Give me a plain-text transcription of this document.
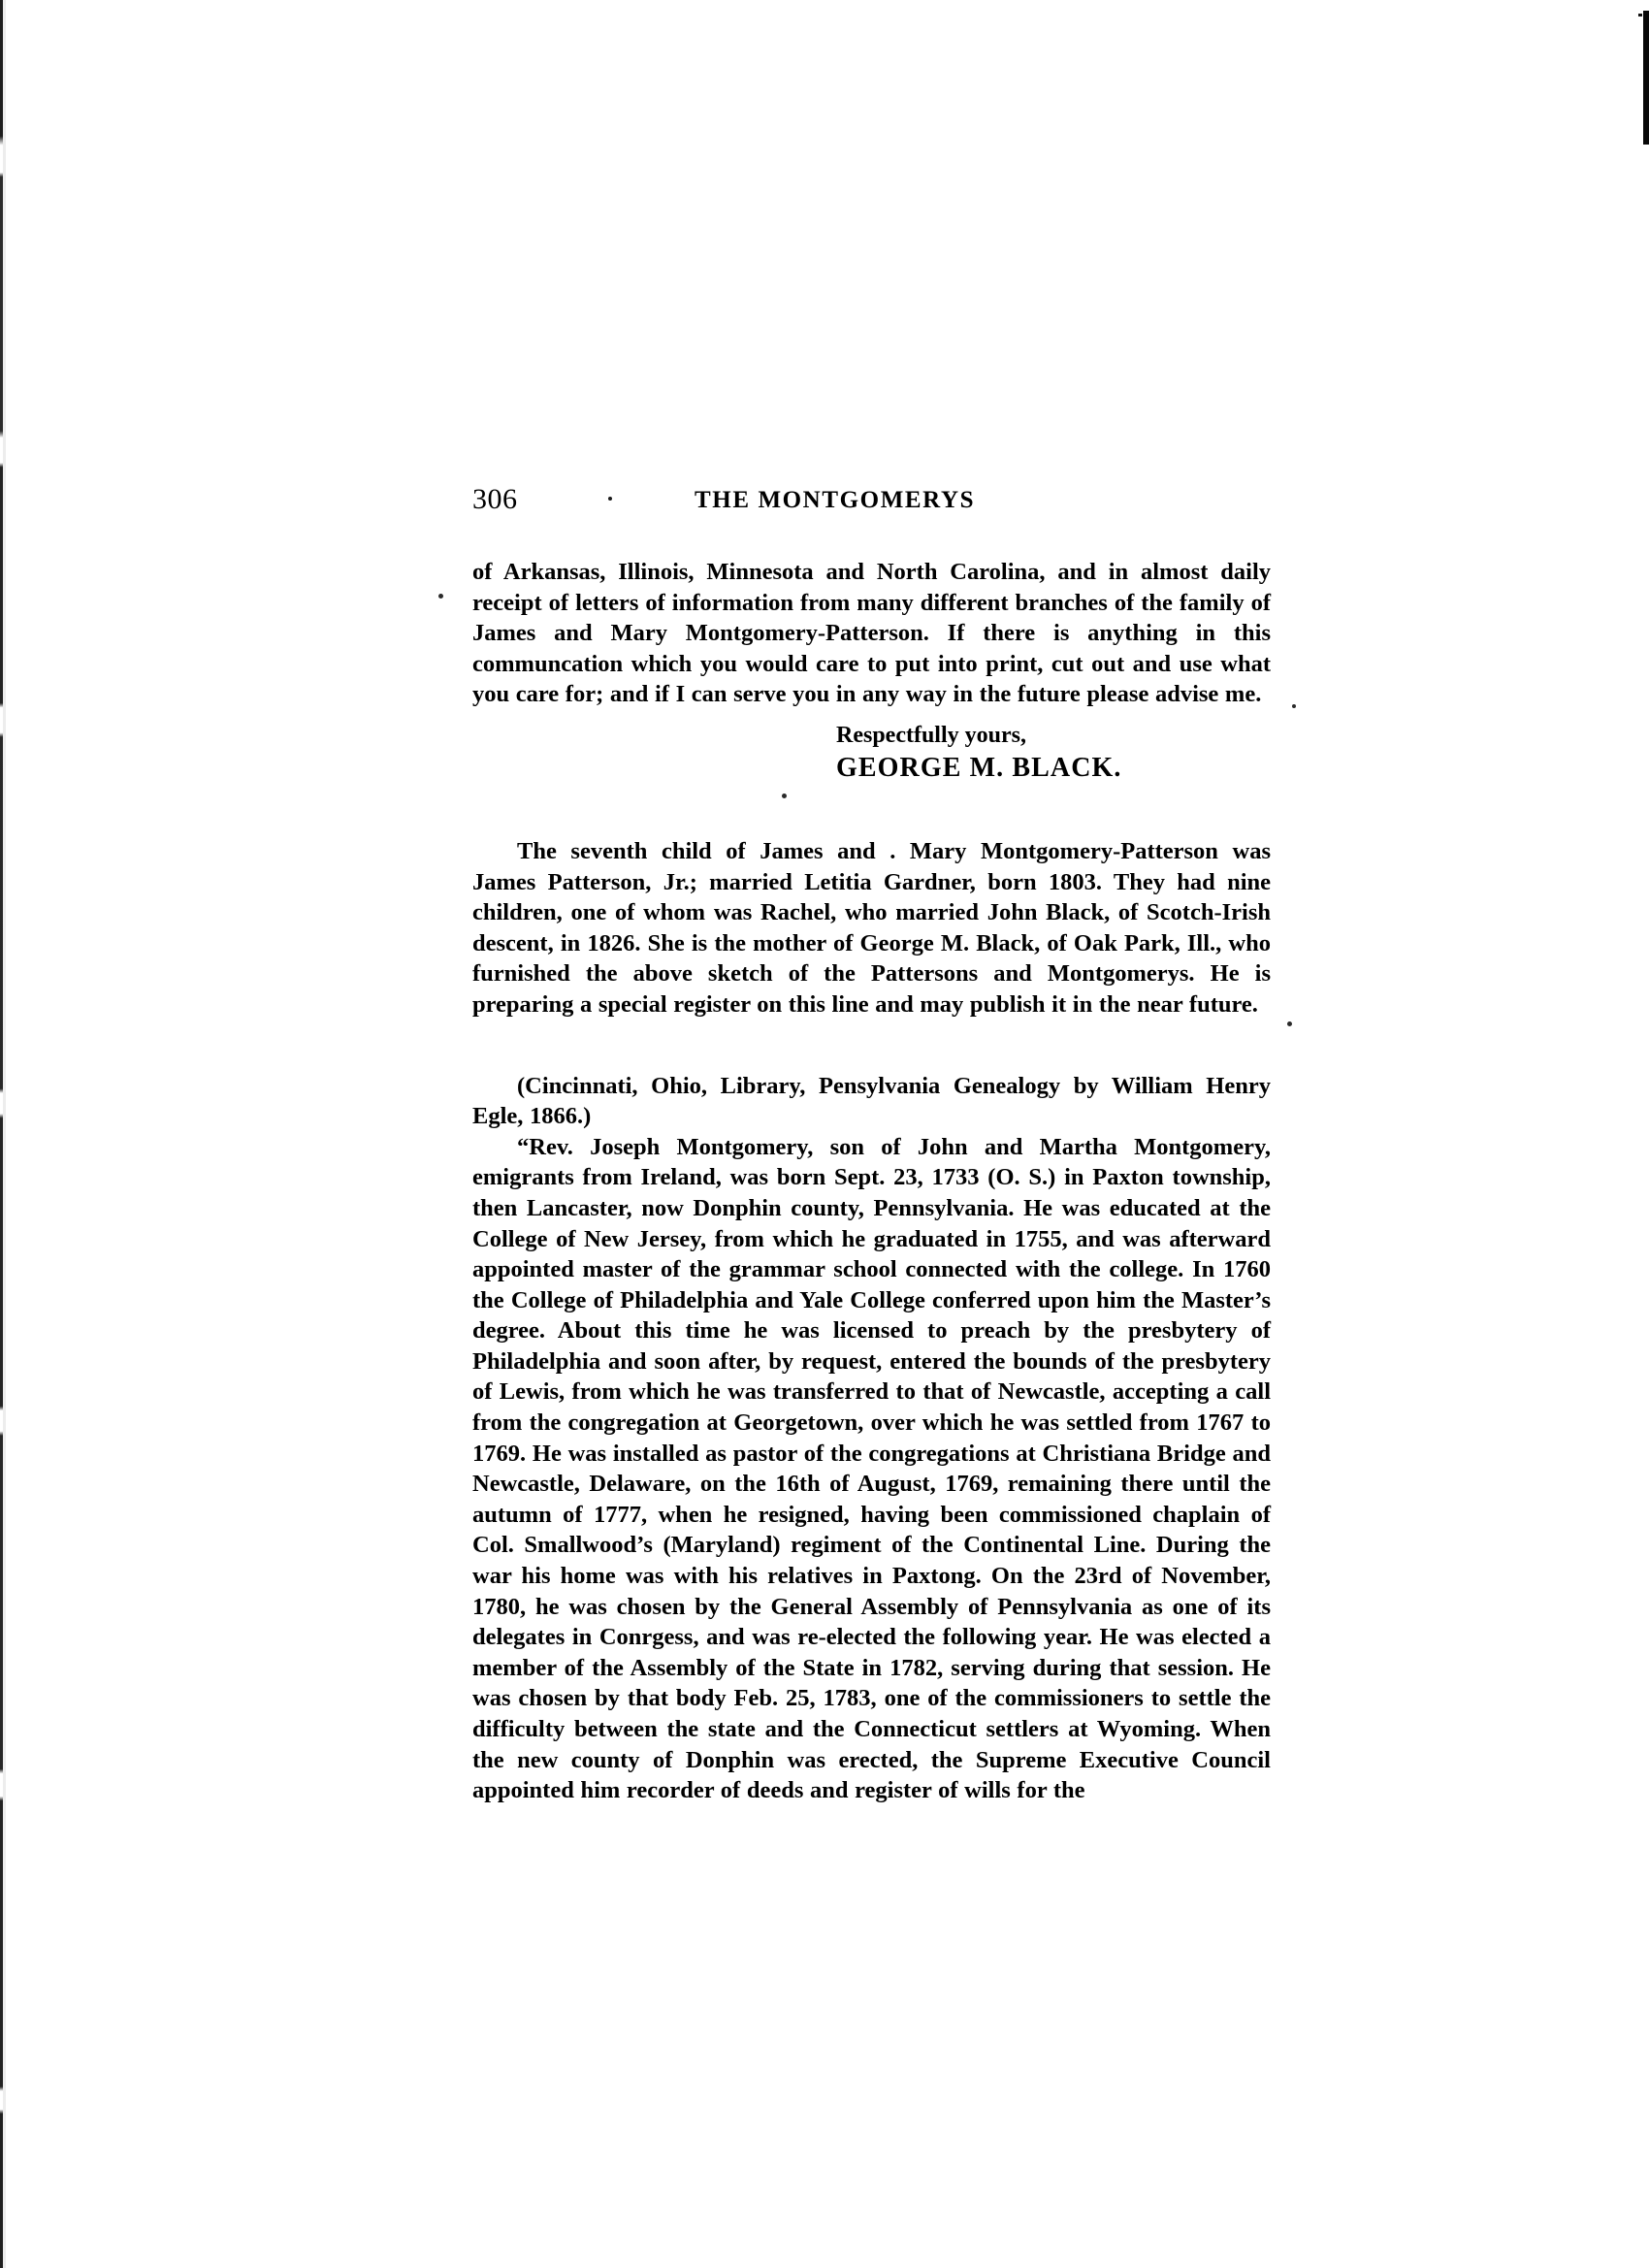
306	THE MONTGOMERYS

of Arkansas, Illinois, Minnesota and North Carolina, and in almost daily receipt of letters of information from many different branches of the family of James and Mary Montgomery-Patterson. If there is anything in this communcation which you would care to put into print, cut out and use what you care for; and if I can serve you in any way in the future please advise me.

Respectfully yours,
GEORGE M. BLACK.

The seventh child of James and . Mary Montgomery-Patterson was James Patterson, Jr.; married Letitia Gardner, born 1803. They had nine children, one of whom was Rachel, who married John Black, of Scotch-Irish descent, in 1826. She is the mother of George M. Black, of Oak Park, Ill., who furnished the above sketch of the Pattersons and Montgomerys. He is preparing a special register on this line and may publish it in the near future.

(Cincinnati, Ohio, Library, Pensylvania Genealogy by William Henry Egle, 1866.)

“Rev. Joseph Montgomery, son of John and Martha Montgomery, emigrants from Ireland, was born Sept. 23, 1733 (O. S.) in Paxton township, then Lancaster, now Donphin county, Pennsylvania. He was educated at the College of New Jersey, from which he graduated in 1755, and was afterward appointed master of the grammar school connected with the college. In 1760 the College of Philadelphia and Yale College conferred upon him the Master’s degree. About this time he was licensed to preach by the presbytery of Philadelphia and soon after, by request, entered the bounds of the presbytery of Lewis, from which he was transferred to that of Newcastle, accepting a call from the congregation at Georgetown, over which he was settled from 1767 to 1769. He was installed as pastor of the congregations at Christiana Bridge and Newcastle, Delaware, on the 16th of August, 1769, remaining there until the autumn of 1777, when he resigned, having been commissioned chaplain of Col. Smallwood’s (Maryland) regiment of the Continental Line. During the war his home was with his relatives in Paxtong. On the 23rd of November, 1780, he was chosen by the General Assembly of Pennsylvania as one of its delegates in Conrgess, and was re-elected the following year. He was elected a member of the Assembly of the State in 1782, serving during that session. He was chosen by that body Feb. 25, 1783, one of the commissioners to settle the difficulty between the state and the Connecticut settlers at Wyoming. When the new county of Donphin was erected, the Supreme Executive Council appointed him recorder of deeds and register of wills for the
